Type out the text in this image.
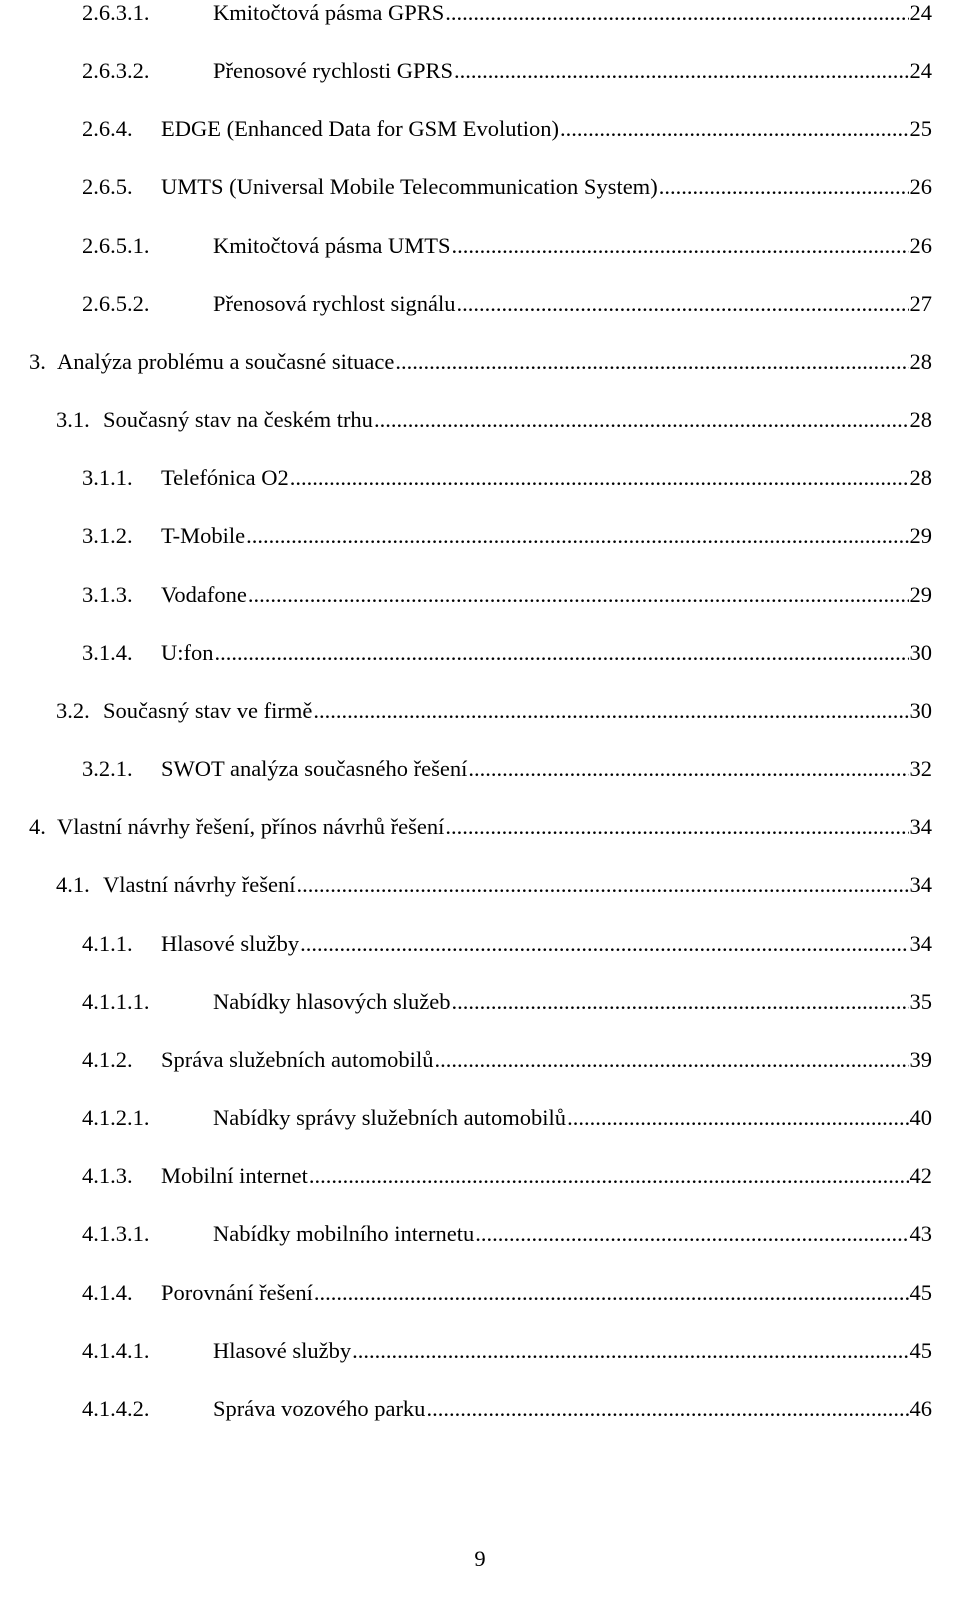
2.6.3.1.	Kmitočtová pásma GPRS .....	24
2.6.3.2.	Přenosové rychlosti GPRS .....	24
2.6.4.	EDGE (Enhanced Data for GSM Evolution) .....	25
2.6.5.	UMTS (Universal Mobile Telecommunication System) .....	26
2.6.5.1.	Kmitočtová pásma UMTS .....	26
2.6.5.2.	Přenosová rychlost signálu .....	27
3. Analýza problému a současné situace .....	28
3.1. Současný stav na českém trhu .....	28
3.1.1.	Telefónica O2 .....	28
3.1.2.	T-Mobile .....	29
3.1.3.	Vodafone .....	29
3.1.4.	U:fon .....	30
3.2. Současný stav ve firmě .....	30
3.2.1.	SWOT analýza současného řešení .....	32
4. Vlastní návrhy řešení, přínos návrhů řešení .....	34
4.1. Vlastní návrhy řešení .....	34
4.1.1.	Hlasové služby .....	34
4.1.1.1.	Nabídky hlasových služeb .....	35
4.1.2.	Správa služebních automobilů .....	39
4.1.2.1.	Nabídky správy služebních automobilů .....	40
4.1.3.	Mobilní internet .....	42
4.1.3.1.	Nabídky mobilního internetu .....	43
4.1.4.	Porovnání řešení .....	45
4.1.4.1.	Hlasové služby .....	45
4.1.4.2.	Správa vozového parku .....	46
9
